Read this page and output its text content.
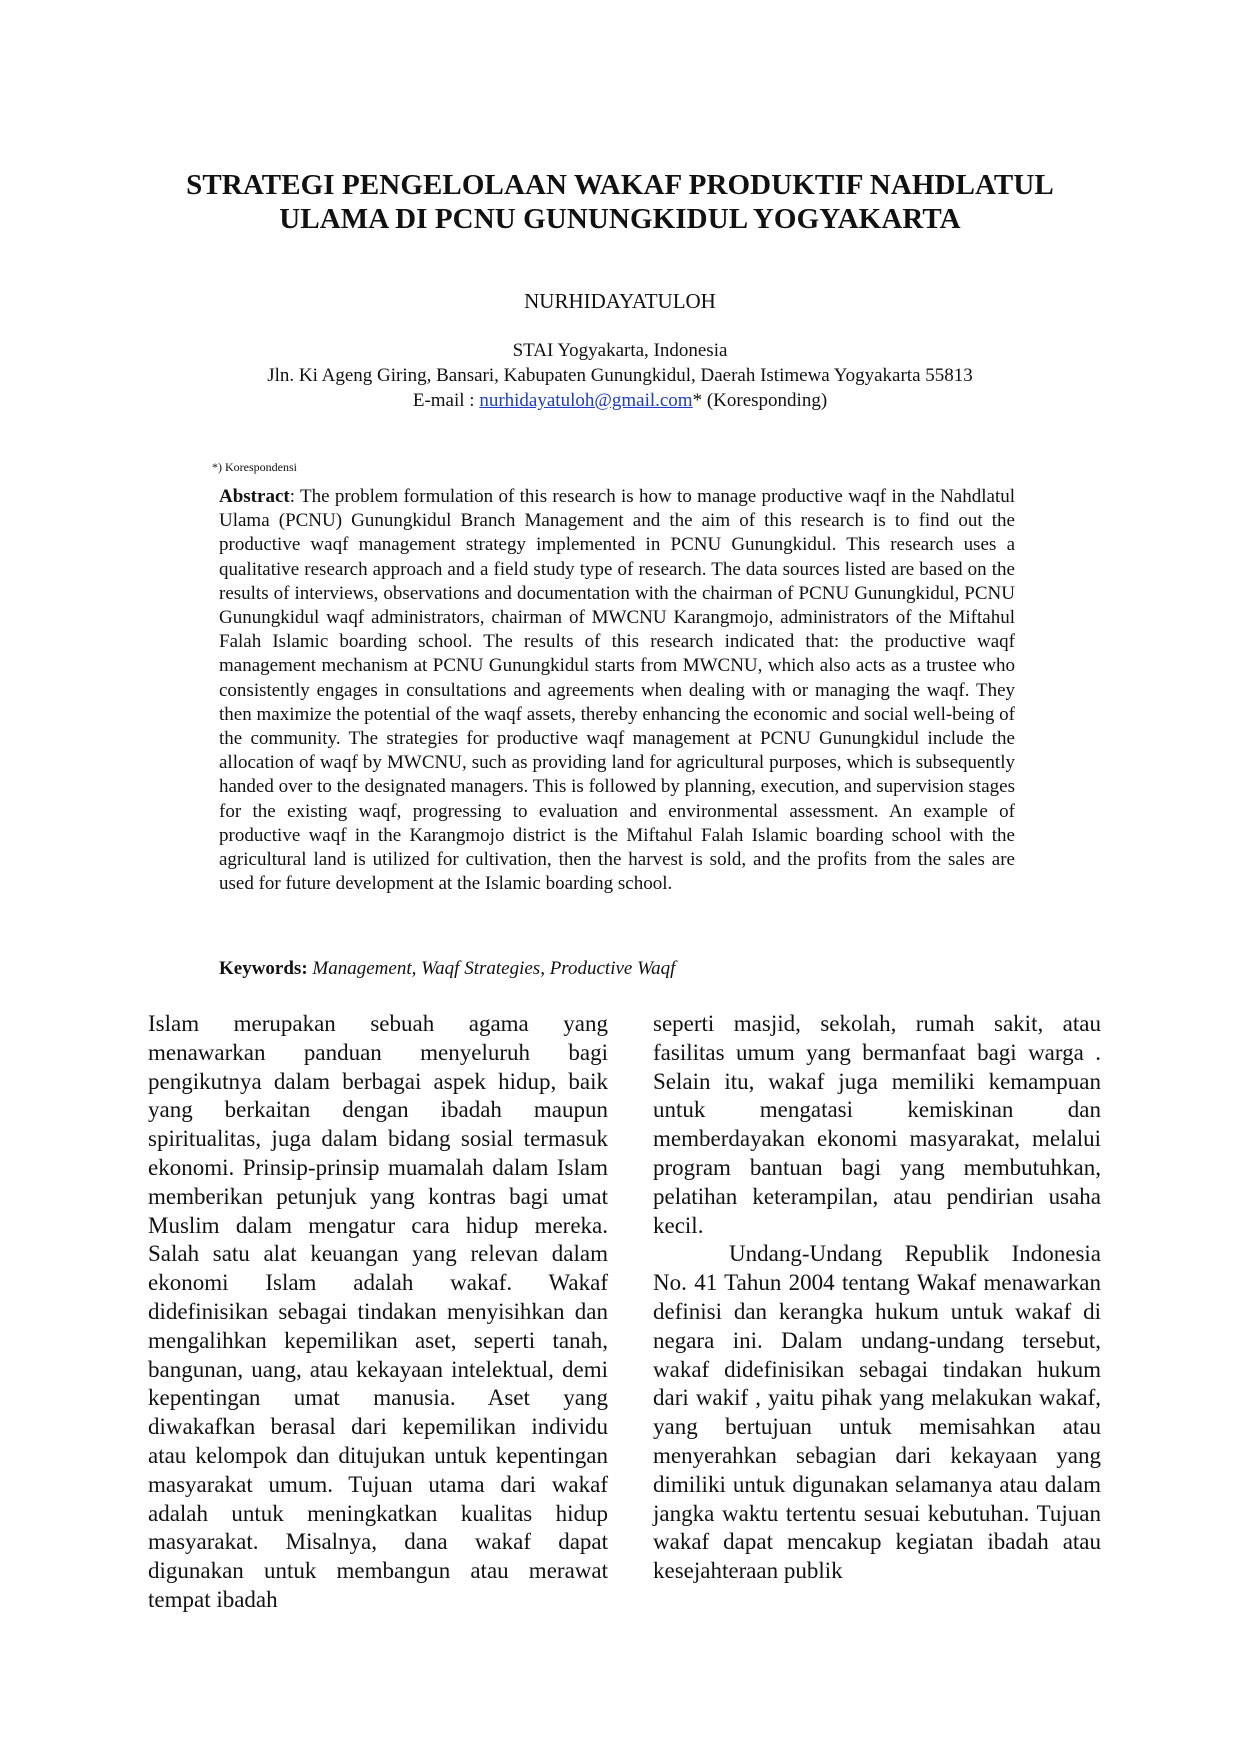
STRATEGI PENGELOLAAN WAKAF PRODUKTIF NAHDLATUL
ULAMA DI PCNU GUNUNGKIDUL YOGYAKARTA
NURHIDAYATULOH
STAI Yogyakarta, Indonesia
Jln. Ki Ageng Giring, Bansari, Kabupaten Gunungkidul, Daerah Istimewa Yogyakarta 55813
E-mail : nurhidayatuloh@gmail.com* (Koresponding)
*) Korespondensi
Abstract: The problem formulation of this research is how to manage productive waqf in the Nahdlatul Ulama (PCNU) Gunungkidul Branch Management and the aim of this research is to find out the productive waqf management strategy implemented in PCNU Gunungkidul. This research uses a qualitative research approach and a field study type of research. The data sources listed are based on the results of interviews, observations and documentation with the chairman of PCNU Gunungkidul, PCNU Gunungkidul waqf administrators, chairman of MWCNU Karangmojo, administrators of the Miftahul Falah Islamic boarding school. The results of this research indicated that: the productive waqf management mechanism at PCNU Gunungkidul starts from MWCNU, which also acts as a trustee who consistently engages in consultations and agreements when dealing with or managing the waqf. They then maximize the potential of the waqf assets, thereby enhancing the economic and social well-being of the community. The strategies for productive waqf management at PCNU Gunungkidul include the allocation of waqf by MWCNU, such as providing land for agricultural purposes, which is subsequently handed over to the designated managers. This is followed by planning, execution, and supervision stages for the existing waqf, progressing to evaluation and environmental assessment. An example of productive waqf in the Karangmojo district is the Miftahul Falah Islamic boarding school with the agricultural land is utilized for cultivation, then the harvest is sold, and the profits from the sales are used for future development at the Islamic boarding school.
Keywords: Management, Waqf Strategies, Productive Waqf

Islam merupakan sebuah agama yang menawarkan panduan menyeluruh bagi pengikutnya dalam berbagai aspek hidup, baik yang berkaitan dengan ibadah maupun spiritualitas, juga dalam bidang sosial termasuk ekonomi. Prinsip-prinsip muamalah dalam Islam memberikan petunjuk yang kontras bagi umat Muslim dalam mengatur cara hidup mereka. Salah satu alat keuangan yang relevan dalam ekonomi Islam adalah wakaf. Wakaf didefinisikan sebagai tindakan menyisihkan dan mengalihkan kepemilikan aset, seperti tanah, bangunan, uang, atau kekayaan intelektual, demi kepentingan umat manusia. Aset yang diwakafkan berasal dari kepemilikan individu atau kelompok dan ditujukan untuk kepentingan masyarakat umum. Tujuan utama dari wakaf adalah untuk meningkatkan kualitas hidup masyarakat. Misalnya, dana wakaf dapat digunakan untuk membangun atau merawat tempat ibadah

seperti masjid, sekolah, rumah sakit, atau fasilitas umum yang bermanfaat bagi warga . Selain itu, wakaf juga memiliki kemampuan untuk mengatasi kemiskinan dan memberdayakan ekonomi masyarakat, melalui program bantuan bagi yang membutuhkan, pelatihan keterampilan, atau pendirian usaha kecil.

Undang-Undang Republik Indonesia No. 41 Tahun 2004 tentang Wakaf menawarkan definisi dan kerangka hukum untuk wakaf di negara ini. Dalam undang-undang tersebut, wakaf didefinisikan sebagai tindakan hukum dari wakif , yaitu pihak yang melakukan wakaf, yang bertujuan untuk memisahkan atau menyerahkan sebagian dari kekayaan yang dimiliki untuk digunakan selamanya atau dalam jangka waktu tertentu sesuai kebutuhan. Tujuan wakaf dapat mencakup kegiatan ibadah atau kesejahteraan publik
